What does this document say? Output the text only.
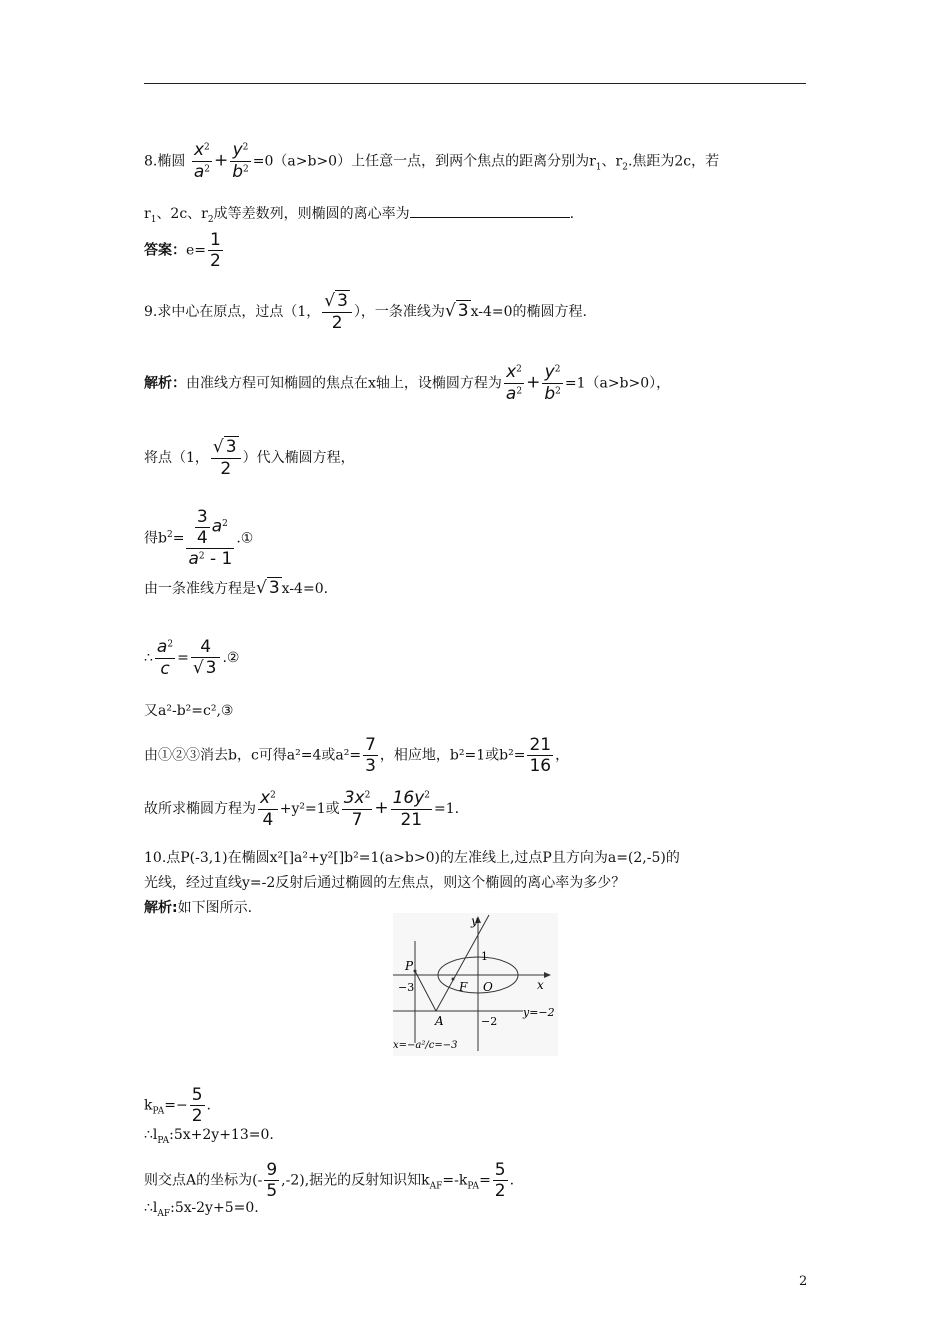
8.椭圆 $\frac{x^2}{a^2} + \frac{y^2}{b^2} =0(a>b>0)$上任意一点，到两个焦点的距离分别为$r_1$、$r_2$.焦距为2c，若
$r_1$、2c、$r_2$成等差数列，则椭圆的离心率为	.
答案：$e= \frac{1}{2}$
9.求中心在原点，过点（1， $\frac{√ 3}{2}$ ），一条准线为√ 3 x-4=0的椭圆方程.
解析：由准线方程可知椭圆的焦点在x轴上，设椭圆方程为 $\frac{x^2}{a^2} + \frac{y^2}{b^2} =1(a>b>0)$，
将点（1， $\frac{√ 3}{2}$ ）代入椭圆方程，
得$b^2= \frac{\frac{3}{4} a^2}{a^2 - 1}$ .①
由一条准线方程是√ 3 x-4=0.
∴ $\frac{a^2}{c} = \frac{4}{√ 3}$ .②
又a²-b²=c²,③
由①②③消去b，c可得a²=4或$a^2= \frac{7}{3}$ ，相应地，b²=1或$b^2= \frac{21}{16}$ ，
故所求椭圆方程为 $\frac{x^2}{4} +y^2=1$或 $\frac{3x^2}{7} + \frac{16y^2}{21} =1$.
10.点P(-3,1)在椭圆x²[]a²+y²[]b²=1(a>b>0)的左准线上,过点P且方向为a=(2,-5)的
光线，经过直线y=-2反射后通过椭圆的左焦点，则这个椭圆的离心率为多少？
解析:如下图所示.
y
x
P
F O
A
1
−3
−2
y=−2
x=−a²/c=−3
$k_{PA}=- \frac{5}{2}$ .
$\therefore l_{PA}:5x+2y+13=0$.
则交点A的坐标为(- $\frac{9}{5} ,-2$),据光的反射知识知$k_{AF}=-k_{PA}= \frac{5}{2}$ .
$\therefore l_{AF}:5x-2y+5=0$.
2
